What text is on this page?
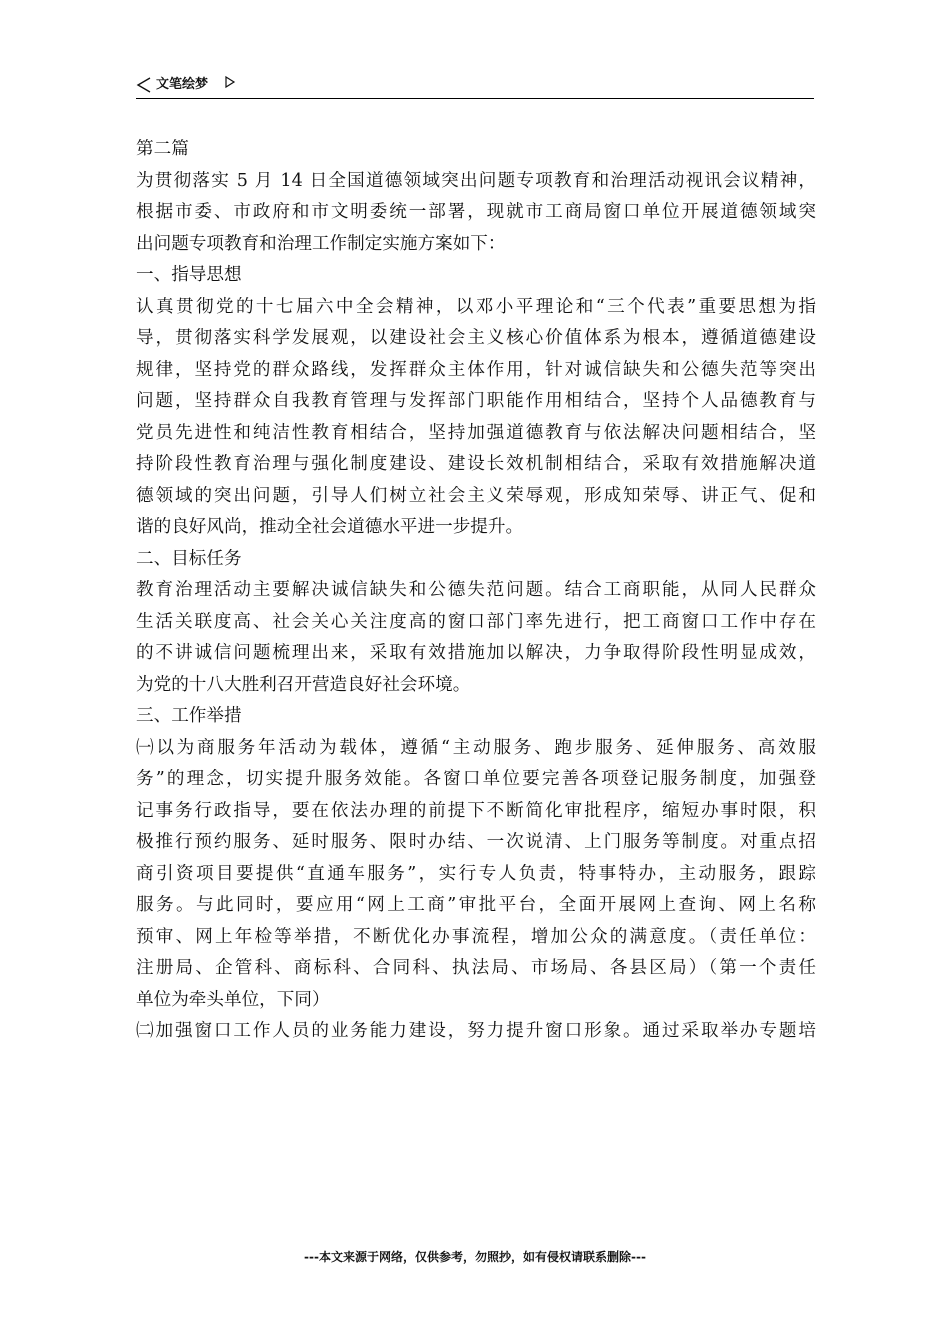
文笔绘梦
第二篇
为贯彻落实 5 月 14 日全国道德领域突出问题专项教育和治理活动视讯会议精神，
根据市委、市政府和市文明委统一部署，现就市工商局窗口单位开展道德领域突
出问题专项教育和治理工作制定实施方案如下：
一、指导思想
认真贯彻党的十七届六中全会精神，以邓小平理论和“三个代表”重要思想为指
导，贯彻落实科学发展观，以建设社会主义核心价值体系为根本，遵循道德建设
规律，坚持党的群众路线，发挥群众主体作用，针对诚信缺失和公德失范等突出
问题，坚持群众自我教育管理与发挥部门职能作用相结合，坚持个人品德教育与
党员先进性和纯洁性教育相结合，坚持加强道德教育与依法解决问题相结合，坚
持阶段性教育治理与强化制度建设、建设长效机制相结合，采取有效措施解决道
德领域的突出问题，引导人们树立社会主义荣辱观，形成知荣辱、讲正气、促和
谐的良好风尚，推动全社会道德水平进一步提升。
二、目标任务
教育治理活动主要解决诚信缺失和公德失范问题。结合工商职能，从同人民群众
生活关联度高、社会关心关注度高的窗口部门率先进行，把工商窗口工作中存在
的不讲诚信问题梳理出来，采取有效措施加以解决，力争取得阶段性明显成效，
为党的十八大胜利召开营造良好社会环境。
三、工作举措
㈠以为商服务年活动为载体，遵循“主动服务、跑步服务、延伸服务、高效服
务”的理念，切实提升服务效能。各窗口单位要完善各项登记服务制度，加强登
记事务行政指导，要在依法办理的前提下不断简化审批程序，缩短办事时限，积
极推行预约服务、延时服务、限时办结、一次说清、上门服务等制度。对重点招
商引资项目要提供“直通车服务”，实行专人负责，特事特办，主动服务，跟踪
服务。与此同时，要应用“网上工商”审批平台，全面开展网上查询、网上名称
预审、网上年检等举措，不断优化办事流程，增加公众的满意度。（责任单位：
注册局、企管科、商标科、合同科、执法局、市场局、各县区局）（第一个责任
单位为牵头单位，下同）
㈡加强窗口工作人员的业务能力建设，努力提升窗口形象。通过采取举办专题培
---本文来源于网络，仅供参考，勿照抄，如有侵权请联系删除---
